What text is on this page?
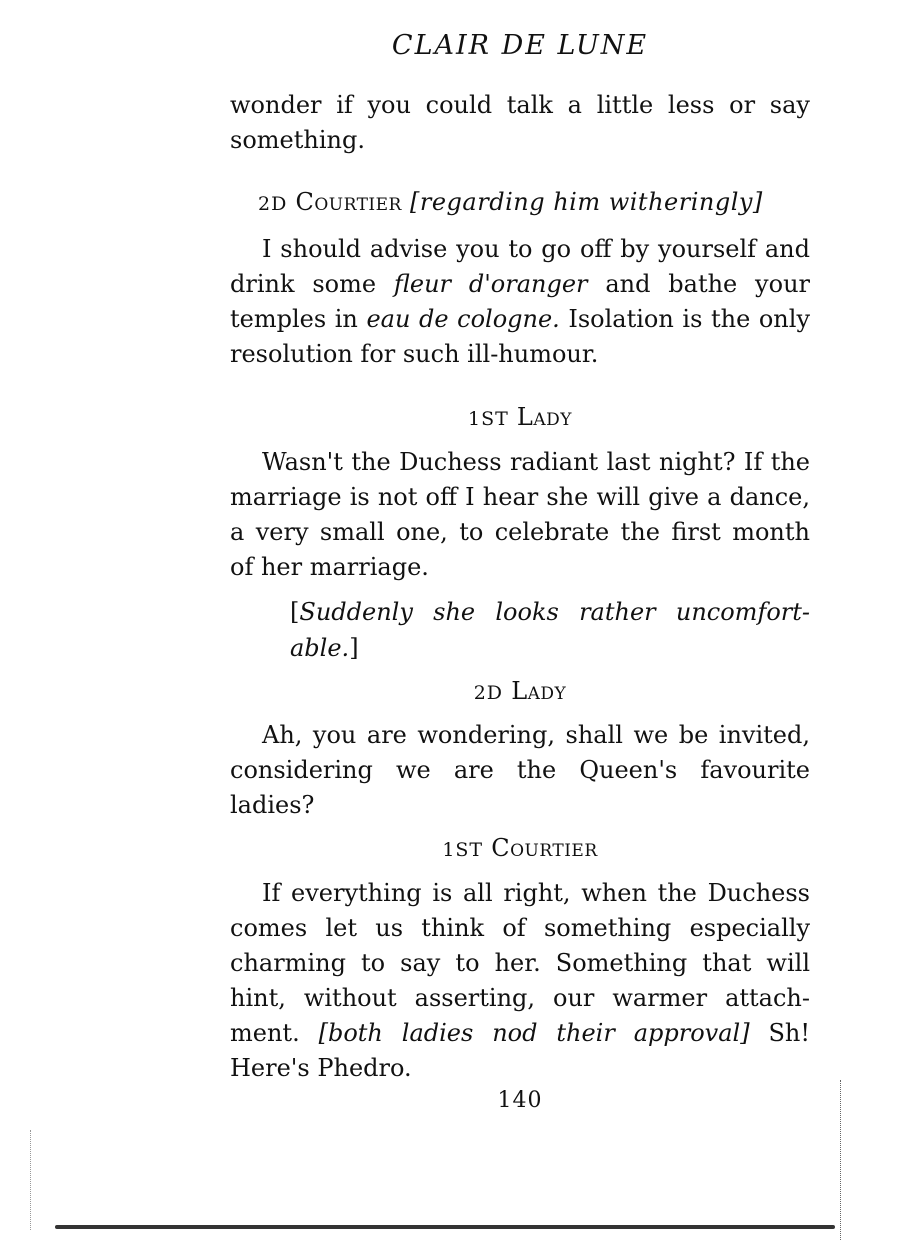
CLAIR DE LUNE
wonder if you could talk a little less or say
something.
2D Courtier [regarding him witheringly]
I should advise you to go off by yourself and drink some fleur d'oranger and bathe your temples in eau de cologne. Isolation is the only resolution for such ill-humour.
1ST Lady
Wasn't the Duchess radiant last night? If the marriage is not off I hear she will give a dance, a very small one, to celebrate the first month of her marriage.
[Suddenly she looks rather uncomfort-able.]
2D Lady
Ah, you are wondering, shall we be invited, considering we are the Queen's favourite ladies?
1ST Courtier
If everything is all right, when the Duchess comes let us think of something especially charming to say to her. Something that will hint, without asserting, our warmer attach-ment. [both ladies nod their approval] Sh! Here's Phedro.
140
